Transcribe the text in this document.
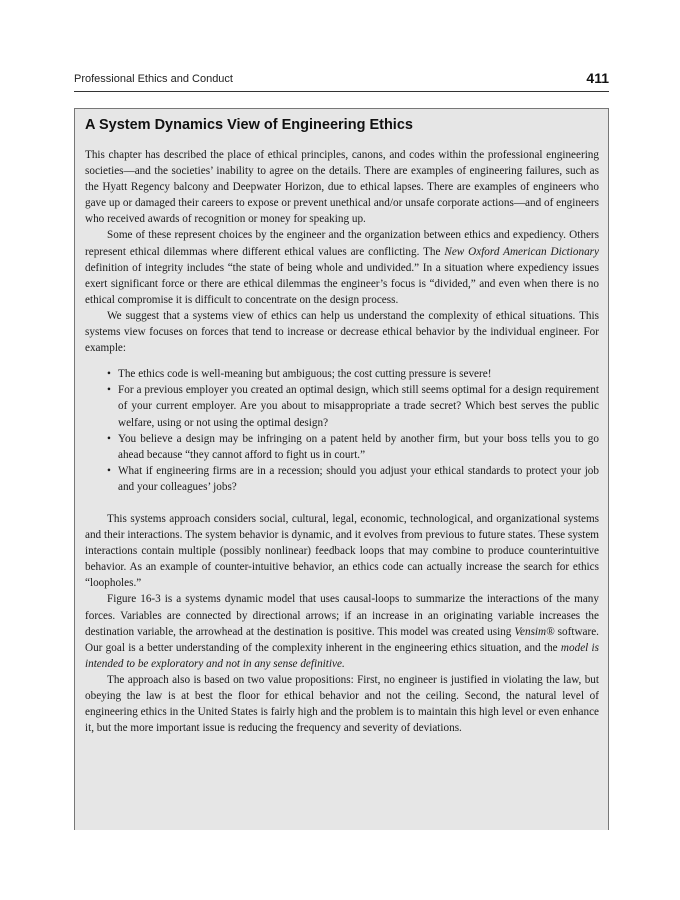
Professional Ethics and Conduct	411
A System Dynamics View of Engineering Ethics

This chapter has described the place of ethical principles, canons, and codes within the professional engineering societies—and the societies’ inability to agree on the details. There are examples of engineering failures, such as the Hyatt Regency balcony and Deepwater Horizon, due to ethical lapses. There are examples of engineers who gave up or damaged their careers to expose or prevent unethical and/or unsafe corporate actions—and of engineers who received awards of recognition or money for speaking up.

Some of these represent choices by the engineer and the organization between ethics and expediency. Others represent ethical dilemmas where different ethical values are conflicting. The New Oxford American Dictionary definition of integrity includes “the state of being whole and undivided.” In a situation where expediency issues exert significant force or there are ethical dilemmas the engineer’s focus is “divided,” and even when there is no ethical compromise it is difficult to concentrate on the design process.

We suggest that a systems view of ethics can help us understand the complexity of ethical situations. This systems view focuses on forces that tend to increase or decrease ethical behavior by the individual engineer. For example:

• The ethics code is well-meaning but ambiguous; the cost cutting pressure is severe!
• For a previous employer you created an optimal design, which still seems optimal for a design requirement of your current employer. Are you about to misappropriate a trade secret? Which best serves the public welfare, using or not using the optimal design?
• You believe a design may be infringing on a patent held by another firm, but your boss tells you to go ahead because “they cannot afford to fight us in court.”
• What if engineering firms are in a recession; should you adjust your ethical standards to protect your job and your colleagues’ jobs?

This systems approach considers social, cultural, legal, economic, technological, and organizational systems and their interactions. The system behavior is dynamic, and it evolves from previous to future states. These system interactions contain multiple (possibly nonlinear) feedback loops that may combine to produce counterintuitive behavior. As an example of counter-intuitive behavior, an ethics code can actually increase the search for ethics “loopholes.”

Figure 16-3 is a systems dynamic model that uses causal-loops to summarize the interactions of the many forces. Variables are connected by directional arrows; if an increase in an originating variable increases the destination variable, the arrowhead at the destination is positive. This model was created using Vensim® software. Our goal is a better understanding of the complexity inherent in the engineering ethics situation, and the model is intended to be exploratory and not in any sense definitive.

The approach also is based on two value propositions: First, no engineer is justified in violating the law, but obeying the law is at best the floor for ethical behavior and not the ceiling. Second, the natural level of engineering ethics in the United States is fairly high and the problem is to maintain this high level or even enhance it, but the more important issue is reducing the frequency and severity of deviations.
